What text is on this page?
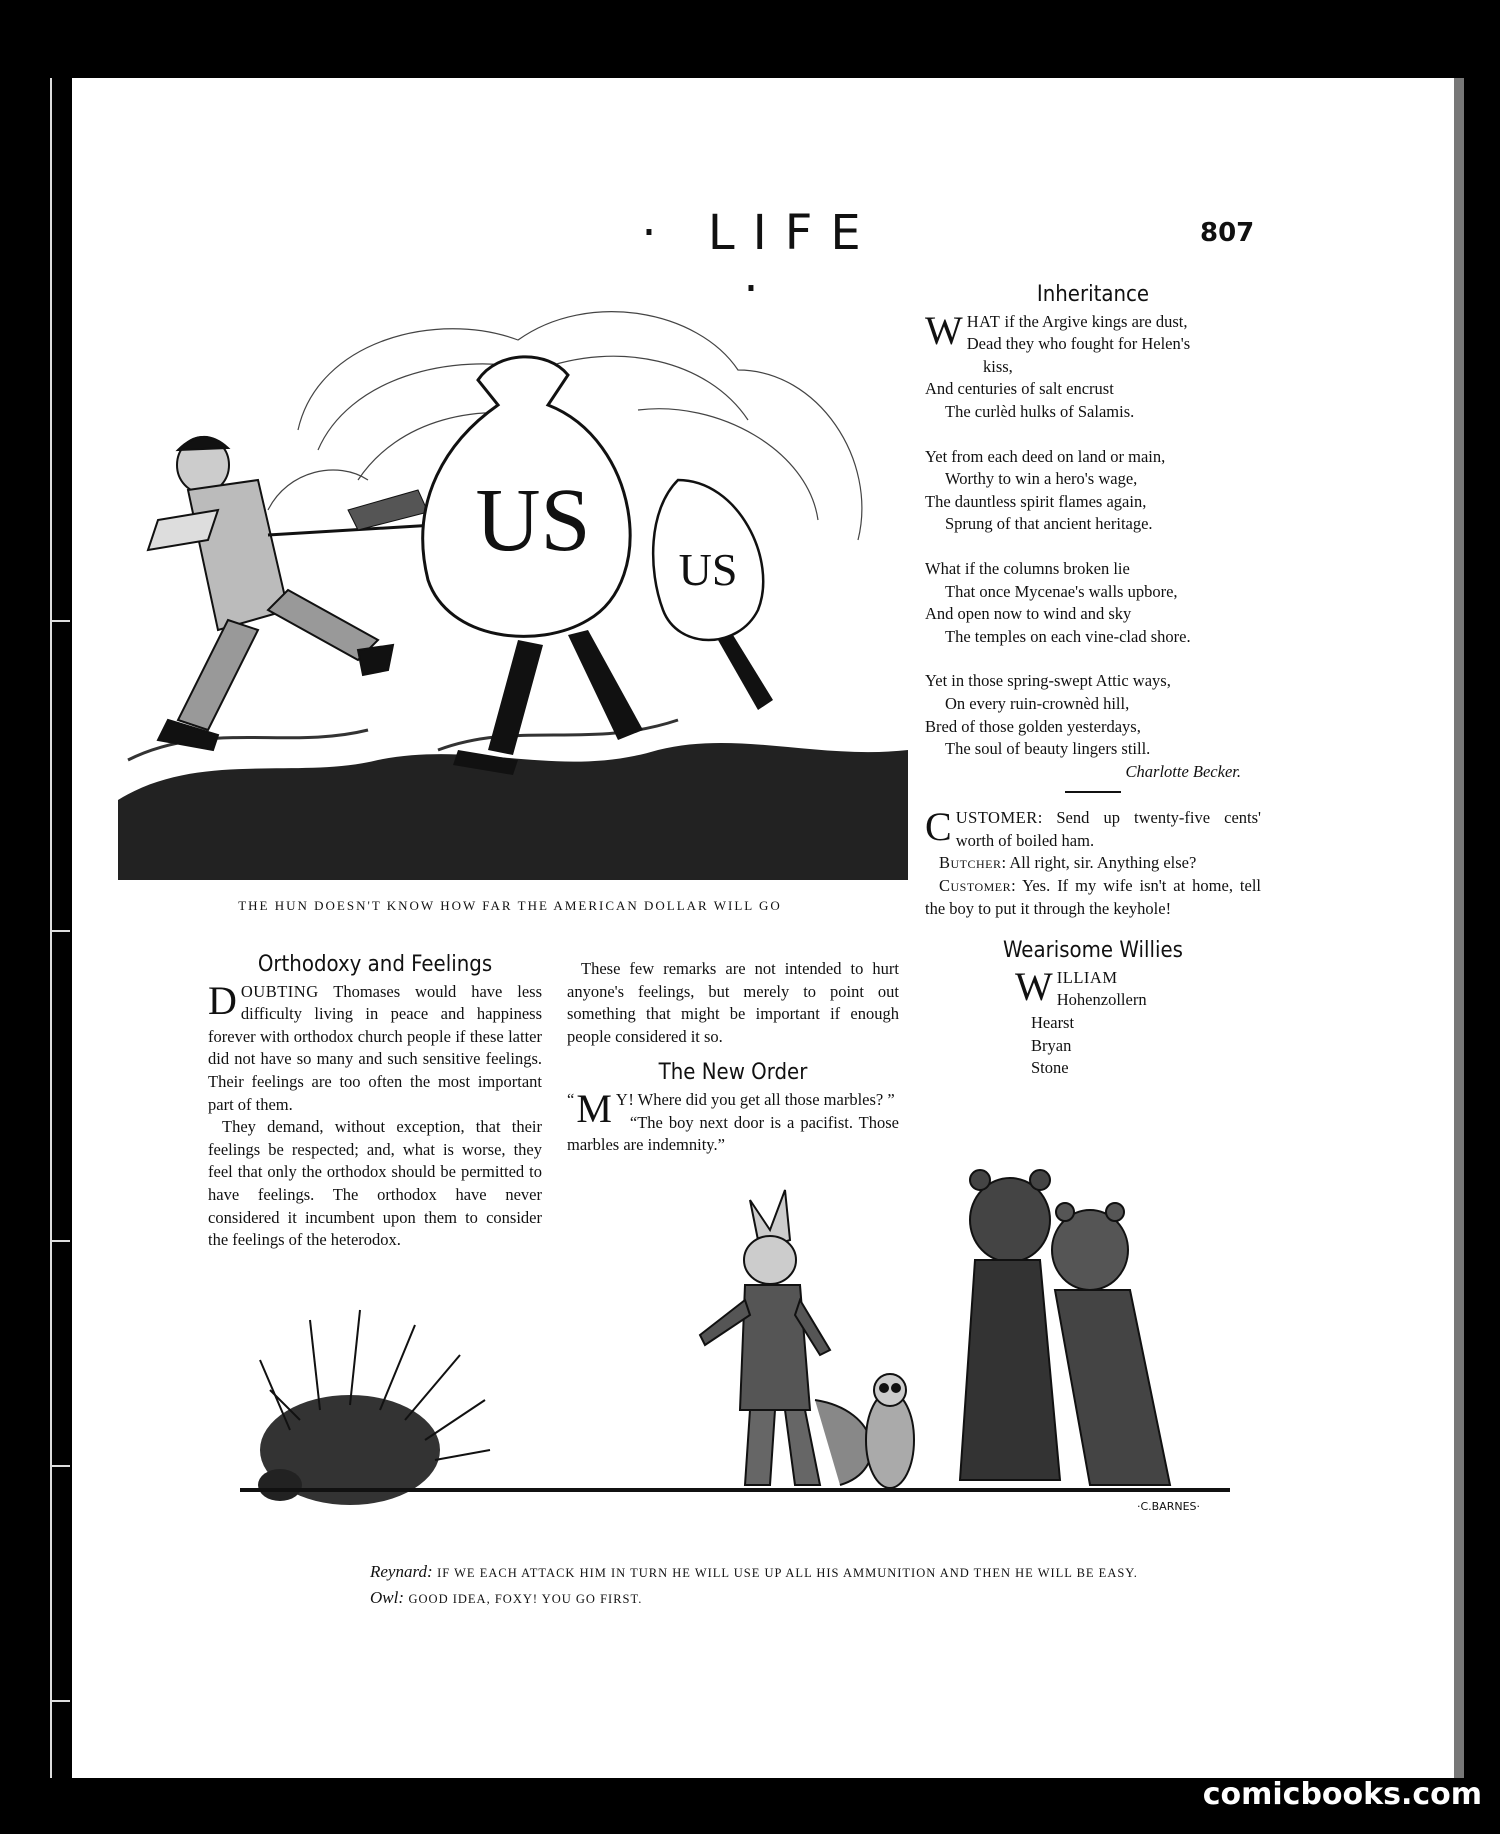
· LIFE ·
807
US US
THE HUN DOESN'T KNOW HOW FAR THE AMERICAN DOLLAR WILL GO
Orthodoxy and Feelings

DOUBTING Thomases would have less difficulty living in peace and happiness forever with orthodox church people if these latter did not have so many and such sensitive feelings. Their feelings are too often the most important part of them.

They demand, without exception, that their feelings be respected; and, what is worse, they feel that only the orthodox should be permitted to have feelings. The orthodox have never considered it incumbent upon them to consider the feelings of the heterodox.

These few remarks are not intended to hurt anyone's feelings, but merely to point out something that might be important if enough people considered it so.

The New Order

“ M Y! Where did you get all those marbles? ”

“The boy next door is a pacifist. Those marbles are indemnity.”

Inheritance
WHAT if the Argive kings are dust,
Dead they who fought for Helen's
kiss,
And centuries of salt encrust
The curlèd hulks of Salamis.
Yet from each deed on land or main,
Worthy to win a hero's wage,
The dauntless spirit flames again,
Sprung of that ancient heritage.
What if the columns broken lie
That once Mycenae's walls upbore,
And open now to wind and sky
The temples on each vine-clad shore.
Yet in those spring-swept Attic ways,
On every ruin-crownèd hill,
Bred of those golden yesterdays,
The soul of beauty lingers still.
Charlotte Becker.

CUSTOMER: Send up twenty-five cents' worth of boiled ham.

Butcher: All right, sir. Anything else?

Customer: Yes. If my wife isn't at home, tell the boy to put it through the keyhole!

Wearisome Willies
WILLIAM
Hohenzollern
Hearst
Bryan
Stone
·C.BARNES·
Reynard: IF WE EACH ATTACK HIM IN TURN HE WILL USE UP ALL HIS AMMUNITION AND THEN HE WILL BE EASY.
Owl: GOOD IDEA, FOXY! YOU GO FIRST.
comicbooks.com
